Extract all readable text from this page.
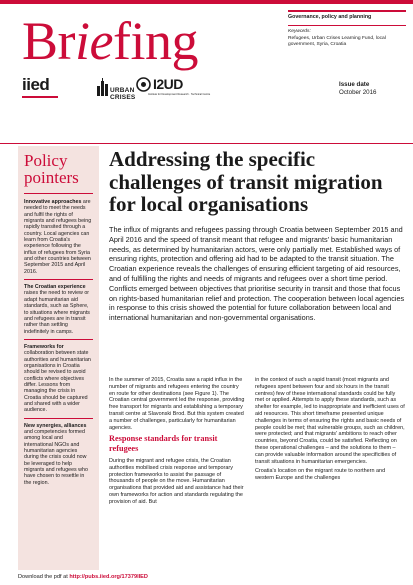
Briefing	Governance, policy and planning
Keywords:
Refugees, Urban Crises Learning Fund, local government, Syria, Croatia
iied	URBAN
CRISES
I2UD
Institute for Development Research · Technical Centre
Issue date
October 2016
Policy pointers
Innovative approaches are needed to meet the needs and fulfil the rights of migrants and refugees being rapidly transited through a country. Local agencies can learn from Croatia's experience following the influx of refugees from Syria and other countries between September 2015 and April 2016.
The Croatian experience raises the need to review or adapt humanitarian aid standards, such as Sphere, to situations where migrants and refugees are in transit rather than settling indefinitely in camps.
Frameworks for collaboration between state authorities and humanitarian organisations in Croatia should be revised to avoid conflicts where objectives differ. Lessons from managing the crisis in Croatia should be captured and shared with a wider audience.
New synergies, alliances and competencies formed among local and international NGOs and humanitarian agencies during the crisis could now be leveraged to help migrants and refugees who have chosen to resettle in the region.
Addressing the specific challenges of transit migration for local organisations

The influx of migrants and refugees passing through Croatia between September 2015 and April 2016 and the speed of transit meant that refugee and migrants' basic humanitarian needs, as determined by humanitarian actors, were only partially met. Established ways of ensuring rights, protection and offering aid had to be adapted to the transit situation. The Croatian experience reveals the challenges of ensuring efficient targeting of aid resources, and of fulfilling the rights and needs of migrants and refugees over a short time period. Conflicts emerged between objectives that prioritise security in transit and those that focus on rights-based humanitarian relief and protection. The cooperation between local agencies in response to this crisis showed the potential for future collaboration between local and international humanitarian and non-governmental organisations.

In the summer of 2015, Croatia saw a rapid influx in the number of migrants and refugees entering the country en route for other destinations (see Figure 1). The Croatian central government led the response, providing free transport for migrants and establishing a temporary transit centre at Slavonski Brod. But this system created a number of challenges, particularly for humanitarian agencies.

Response standards for transit refugees

During the migrant and refugee crisis, the Croatian authorities mobilised crisis response and temporary protection frameworks to assist the passage of thousands of people on the move. Humanitarian organisations that provided aid and assistance had their own frameworks for action and standards regulating the provision of aid. But

in the context of such a rapid transit (most migrants and refugees spent between four and six hours in the transit centres) few of these international standards could be fully met or applied. Attempts to apply these standards, such as shelter for example, led to inappropriate and inefficient uses of aid resources. This short timeframe presented unique challenges in terms of ensuring the rights and basic needs of people could be met; that vulnerable groups, such as children, were protected; and that migrants' ambitions to reach other countries, beyond Croatia, could be satisfied. Reflecting on these operational challenges – and the solutions to them – can provide valuable information around the specificities of transit situations in humanitarian emergencies.

Croatia's location on the migrant route to northern and western Europe and the challenges

Download the pdf at http://pubs.iied.org/17379IIED
